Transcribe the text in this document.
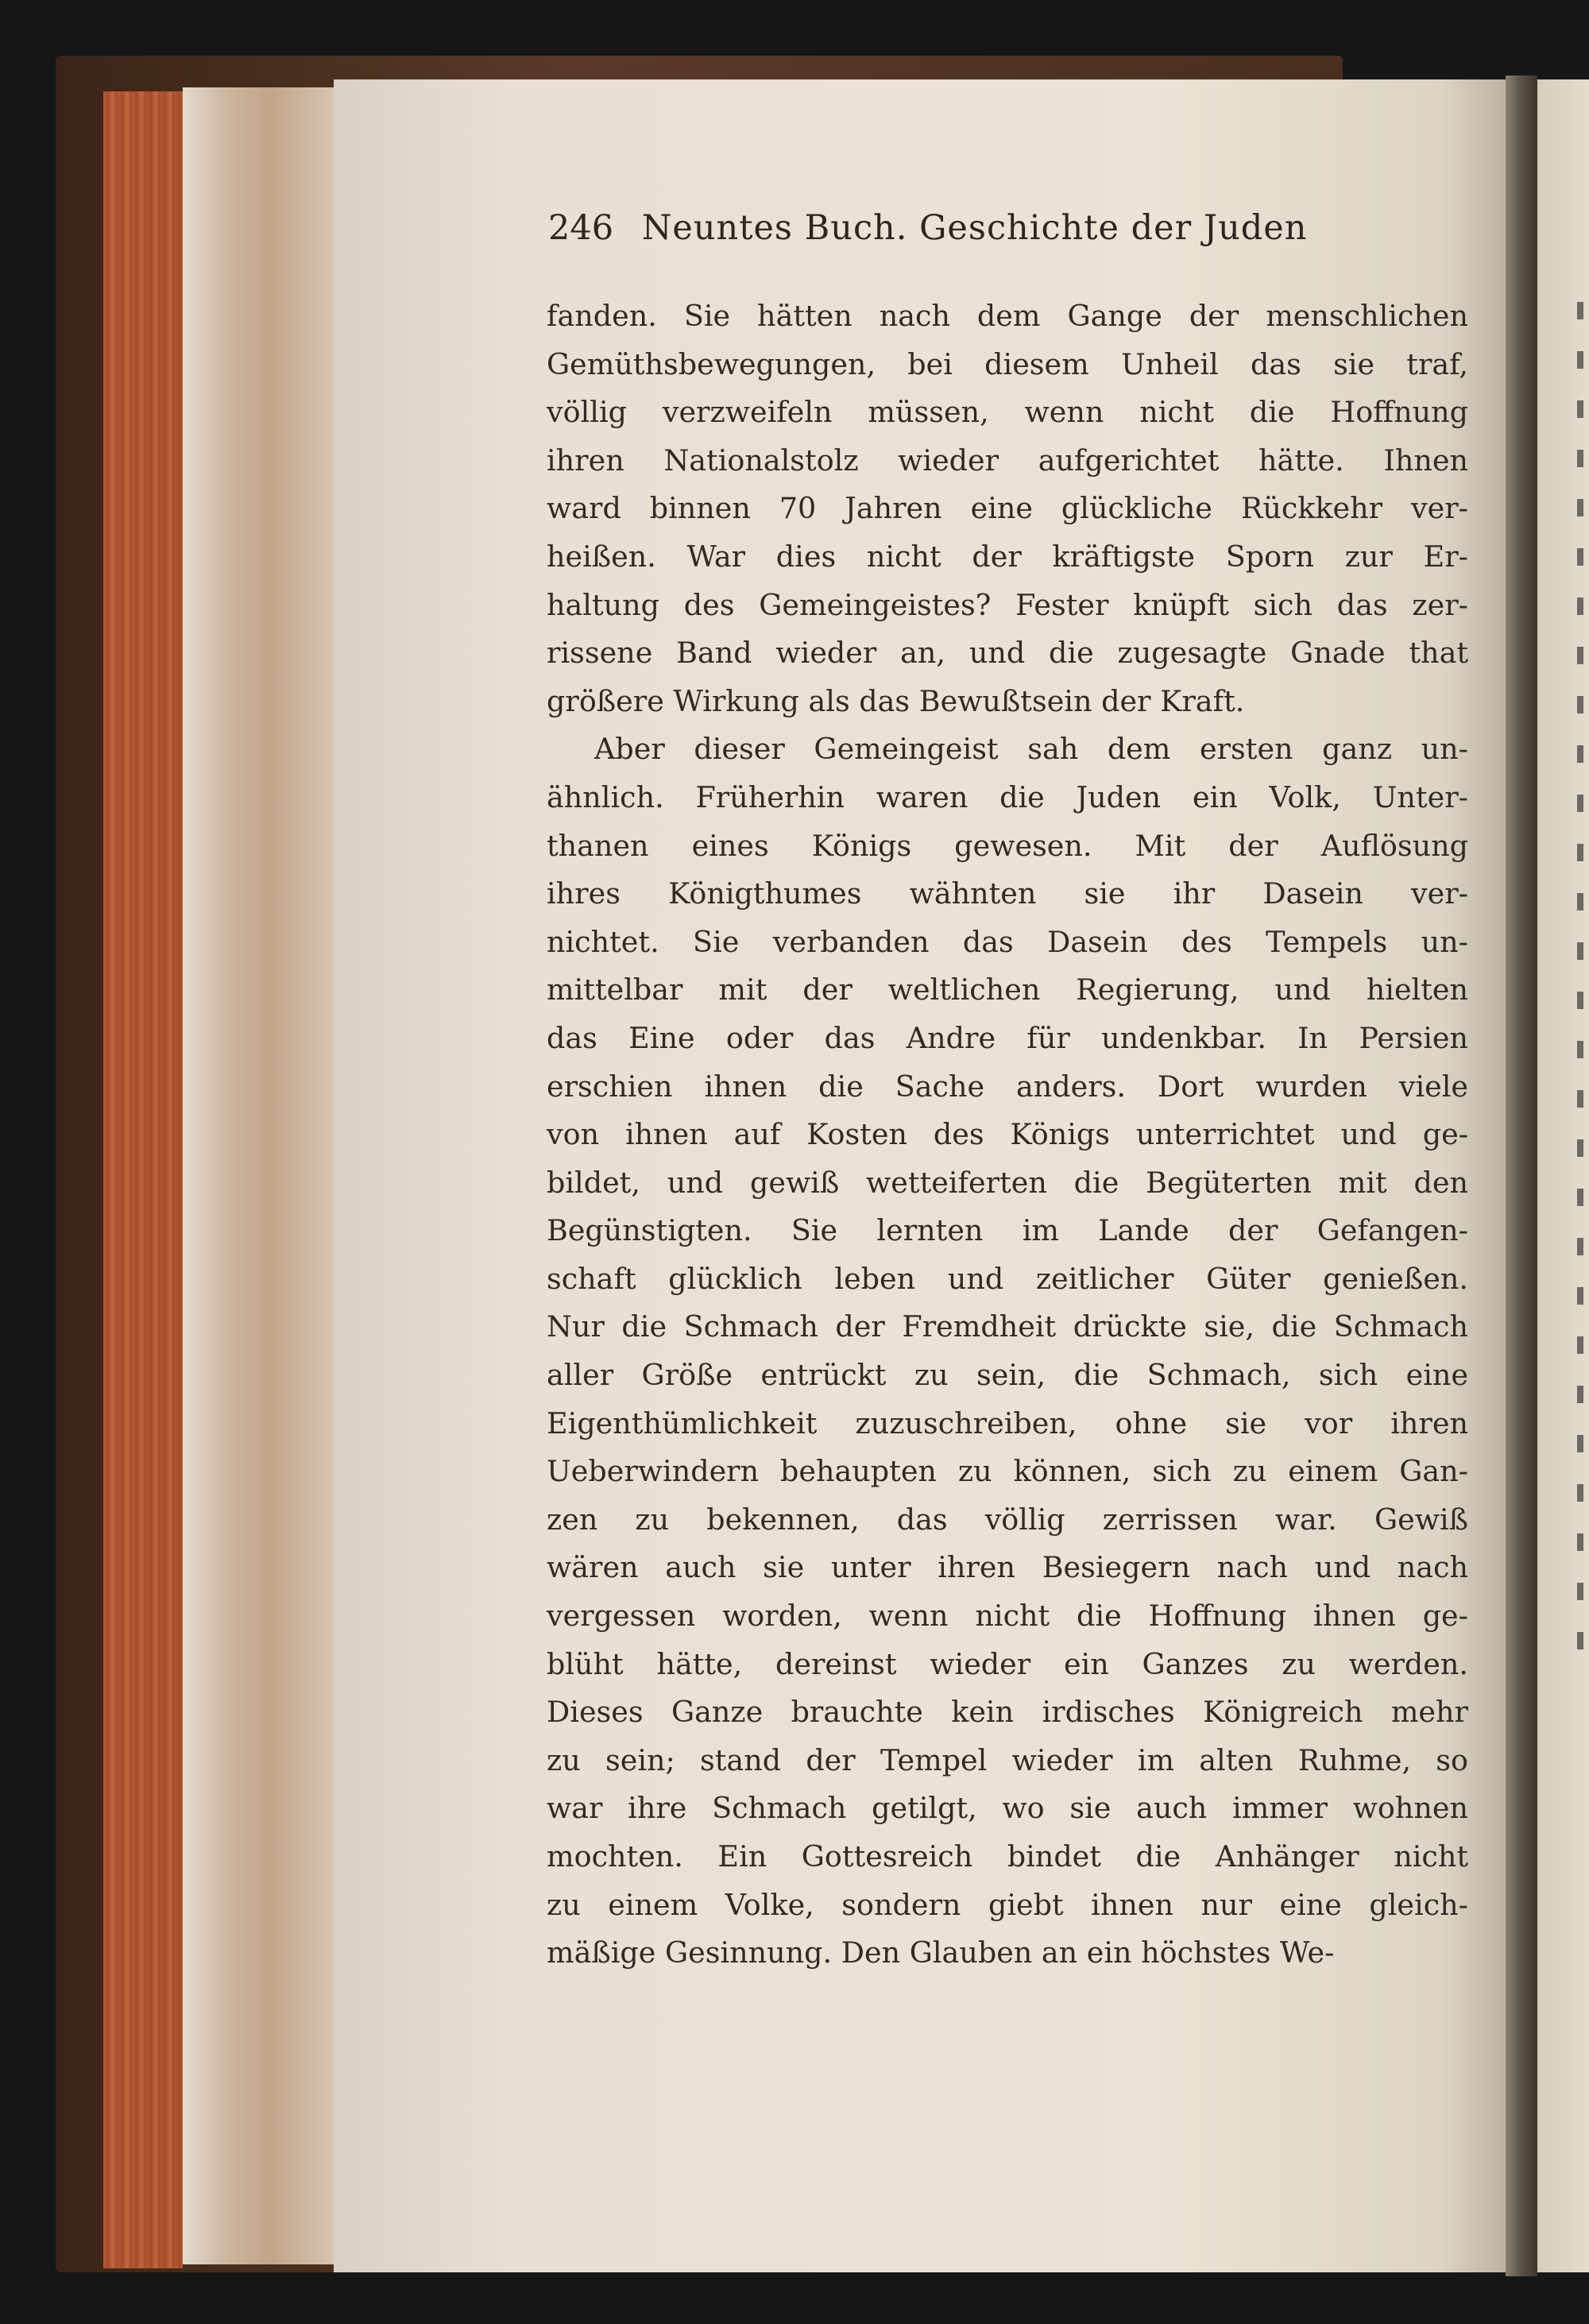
246 Neuntes Buch. Geschichte der Juden
fanden. Sie hätten nach dem Gange der menschlichen
Gemüthsbewegungen, bei diesem Unheil das sie traf,
völlig verzweifeln müssen, wenn nicht die Hoffnung
ihren Nationalstolz wieder aufgerichtet hätte. Ihnen
ward binnen 70 Jahren eine glückliche Rückkehr ver-
heißen. War dies nicht der kräftigste Sporn zur Er-
haltung des Gemeingeistes? Fester knüpft sich das zer-
rissene Band wieder an, und die zugesagte Gnade that
größere Wirkung als das Bewußtsein der Kraft.
Aber dieser Gemeingeist sah dem ersten ganz un-
ähnlich. Früherhin waren die Juden ein Volk, Unter-
thanen eines Königs gewesen. Mit der Auflösung
ihres Königthumes wähnten sie ihr Dasein ver-
nichtet. Sie verbanden das Dasein des Tempels un-
mittelbar mit der weltlichen Regierung, und hielten
das Eine oder das Andre für undenkbar. In Persien
erschien ihnen die Sache anders. Dort wurden viele
von ihnen auf Kosten des Königs unterrichtet und ge-
bildet, und gewiß wetteiferten die Begüterten mit den
Begünstigten. Sie lernten im Lande der Gefangen-
schaft glücklich leben und zeitlicher Güter genießen.
Nur die Schmach der Fremdheit drückte sie, die Schmach
aller Größe entrückt zu sein, die Schmach, sich eine
Eigenthümlichkeit zuzuschreiben, ohne sie vor ihren
Ueberwindern behaupten zu können, sich zu einem Gan-
zen zu bekennen, das völlig zerrissen war. Gewiß
wären auch sie unter ihren Besiegern nach und nach
vergessen worden, wenn nicht die Hoffnung ihnen ge-
blüht hätte, dereinst wieder ein Ganzes zu werden.
Dieses Ganze brauchte kein irdisches Königreich mehr
zu sein; stand der Tempel wieder im alten Ruhme, so
war ihre Schmach getilgt, wo sie auch immer wohnen
mochten. Ein Gottesreich bindet die Anhänger nicht
zu einem Volke, sondern giebt ihnen nur eine gleich-
mäßige Gesinnung. Den Glauben an ein höchstes We-
